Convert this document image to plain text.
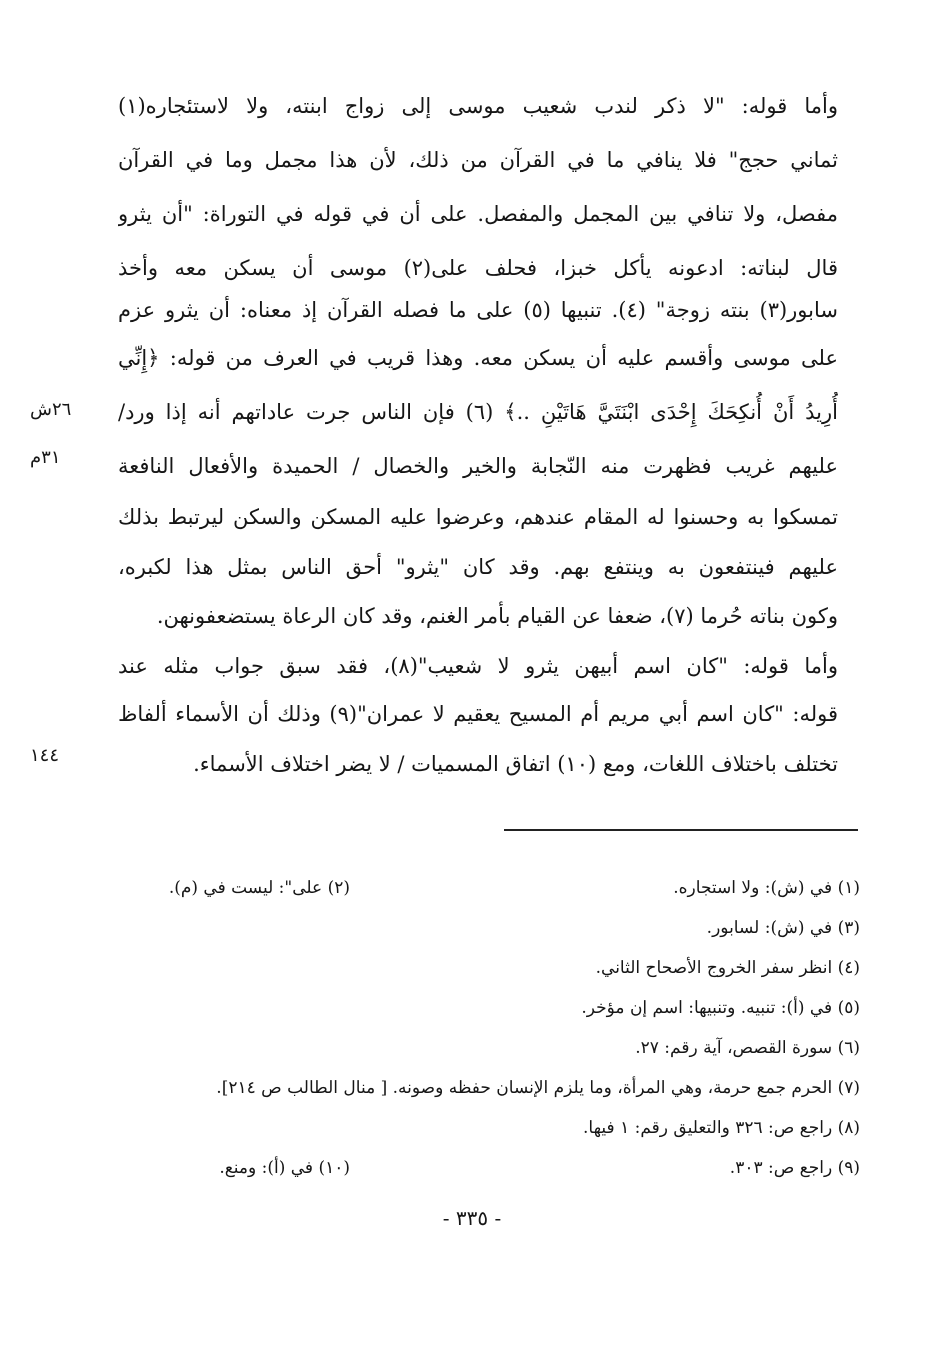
وأما قوله: "لا ذكر لندب شعيب موسى إلى زواج ابنته، ولا لاستئجاره(١)
ثماني حجج" فلا ينافي ما في القرآن من ذلك، لأن هذا مجمل وما في القرآن
مفصل، ولا تنافي بين المجمل والمفصل. على أن في قوله في التوراة: "أن يثرو
قال لبناته: ادعونه يأكل خبزا، فحلف على(٢) موسى أن يسكن معه وأخذ
سابور(٣) بنته زوجة" (٤). تنبيها (٥) على ما فصله القرآن إذ معناه: أن يثرو عزم
على موسى وأقسم عليه أن يسكن معه. وهذا قريب في العرف من قوله: ﴿إِنِّي
أُرِيدُ أَنْ أُنكِحَكَ إِحْدَى ابْنَتَيَّ هَاتَيْنِ ..﴾ (٦) فإن الناس جرت عاداتهم أنه إذا ورد/
عليهم غريب فظهرت منه النّجابة والخير والخصال / الحميدة والأفعال النافعة
تمسكوا به وحسنوا له المقام عندهم، وعرضوا عليه المسكن والسكن ليرتبط بذلك
عليهم فينتفعون به وينتفع بهم. وقد كان "يثرو" أحق الناس بمثل هذا لكبره،
وكون بناته حُرما (٧)، ضعفا عن القيام بأمر الغنم، وقد كان الرعاة يستضعفونهن.
وأما قوله: "كان اسم أبيهن يثرو لا شعيب"(٨)، فقد سبق جواب مثله عند
قوله: "كان اسم أبي مريم أم المسيح يعقيم لا عمران"(٩) وذلك أن الأسماء ألفاظ
تختلف باختلاف اللغات، ومع (١٠) اتفاق المسميات / لا يضر اختلاف الأسماء.
٢٦ش
٣١م
١٤٤
(١) في (ش): ولا استجاره.
(٢) على": ليست في (م).
(٣) في (ش): لسابور.
(٤) انظر سفر الخروج الأصحاح الثاني.
(٥) في (أ): تنبيه. وتنبيها: اسم إن مؤخر.
(٦) سورة القصص، آية رقم: ٢٧.
(٧) الحرم جمع حرمة، وهي المرأة، وما يلزم الإنسان حفظه وصونه. [ منال الطالب ص ٢١٤].
(٨) راجع ص: ٣٢٦ والتعليق رقم: ١ فيها.
(٩) راجع ص: ٣٠٣.
(١٠) في (أ): ومنع.
- ٣٣٥ -
